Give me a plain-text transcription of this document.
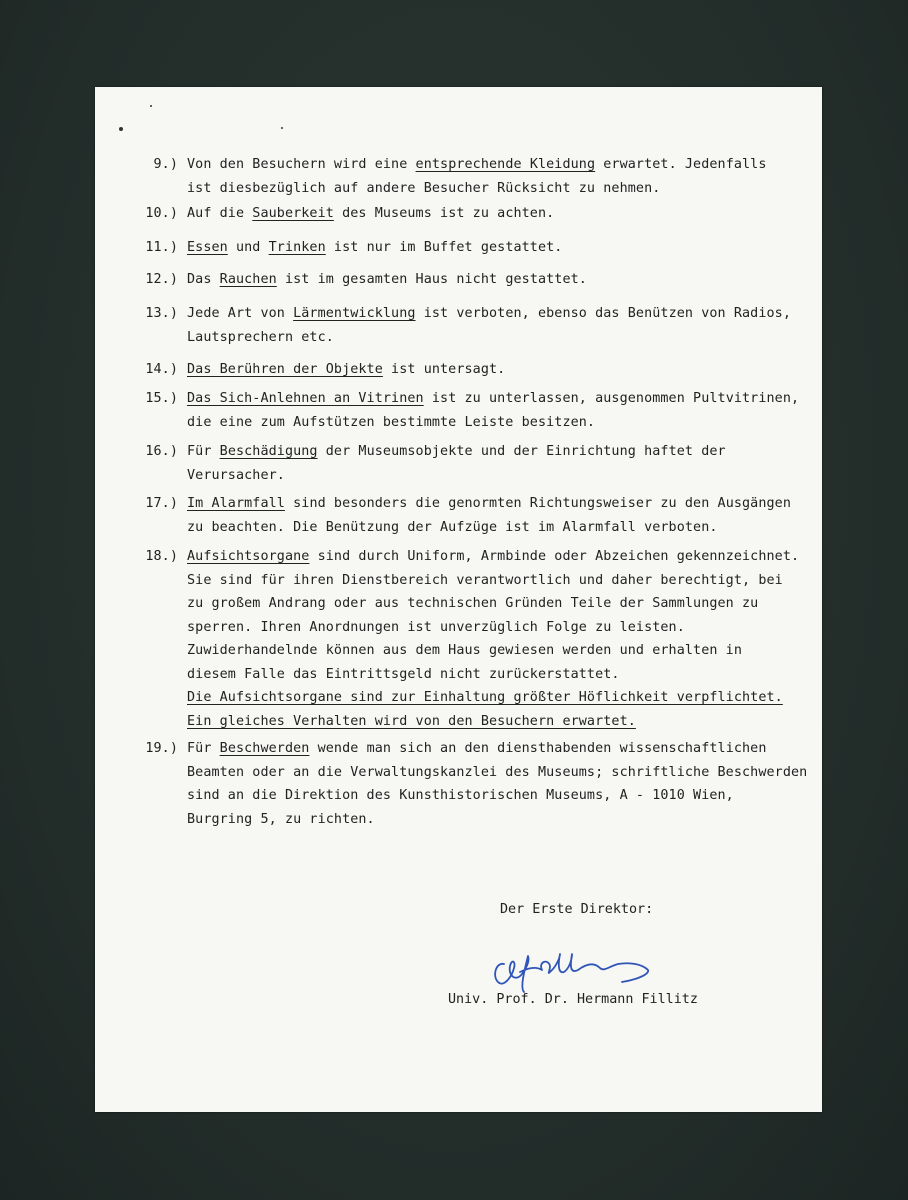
9.) Von den Besuchern wird eine entsprechende Kleidung erwartet. Jedenfalls
ist diesbezüglich auf andere Besucher Rücksicht zu nehmen.
10.) Auf die Sauberkeit des Museums ist zu achten.
11.) Essen und Trinken ist nur im Buffet gestattet.
12.) Das Rauchen ist im gesamten Haus nicht gestattet.
13.) Jede Art von Lärmentwicklung ist verboten, ebenso das Benützen von Radios,
Lautsprechern etc.
14.) Das Berühren der Objekte ist untersagt.
15.) Das Sich-Anlehnen an Vitrinen ist zu unterlassen, ausgenommen Pultvitrinen,
die eine zum Aufstützen bestimmte Leiste besitzen.
16.) Für Beschädigung der Museumsobjekte und der Einrichtung haftet der
Verursacher.
17.) Im Alarmfall sind besonders die genormten Richtungsweiser zu den Ausgängen
zu beachten. Die Benützung der Aufzüge ist im Alarmfall verboten.
18.) Aufsichtsorgane sind durch Uniform, Armbinde oder Abzeichen gekennzeichnet.
Sie sind für ihren Dienstbereich verantwortlich und daher berechtigt, bei
zu großem Andrang oder aus technischen Gründen Teile der Sammlungen zu
sperren. Ihren Anordnungen ist unverzüglich Folge zu leisten.
Zuwiderhandelnde können aus dem Haus gewiesen werden und erhalten in
diesem Falle das Eintrittsgeld nicht zurückerstattet.
Die Aufsichtsorgane sind zur Einhaltung größter Höflichkeit verpflichtet.
Ein gleiches Verhalten wird von den Besuchern erwartet.
19.) Für Beschwerden wende man sich an den diensthabenden wissenschaftlichen
Beamten oder an die Verwaltungskanzlei des Museums; schriftliche Beschwerden
sind an die Direktion des Kunsthistorischen Museums, A - 1010 Wien,
Burgring 5, zu richten.
Der Erste Direktor:
Univ. Prof. Dr. Hermann Fillitz
